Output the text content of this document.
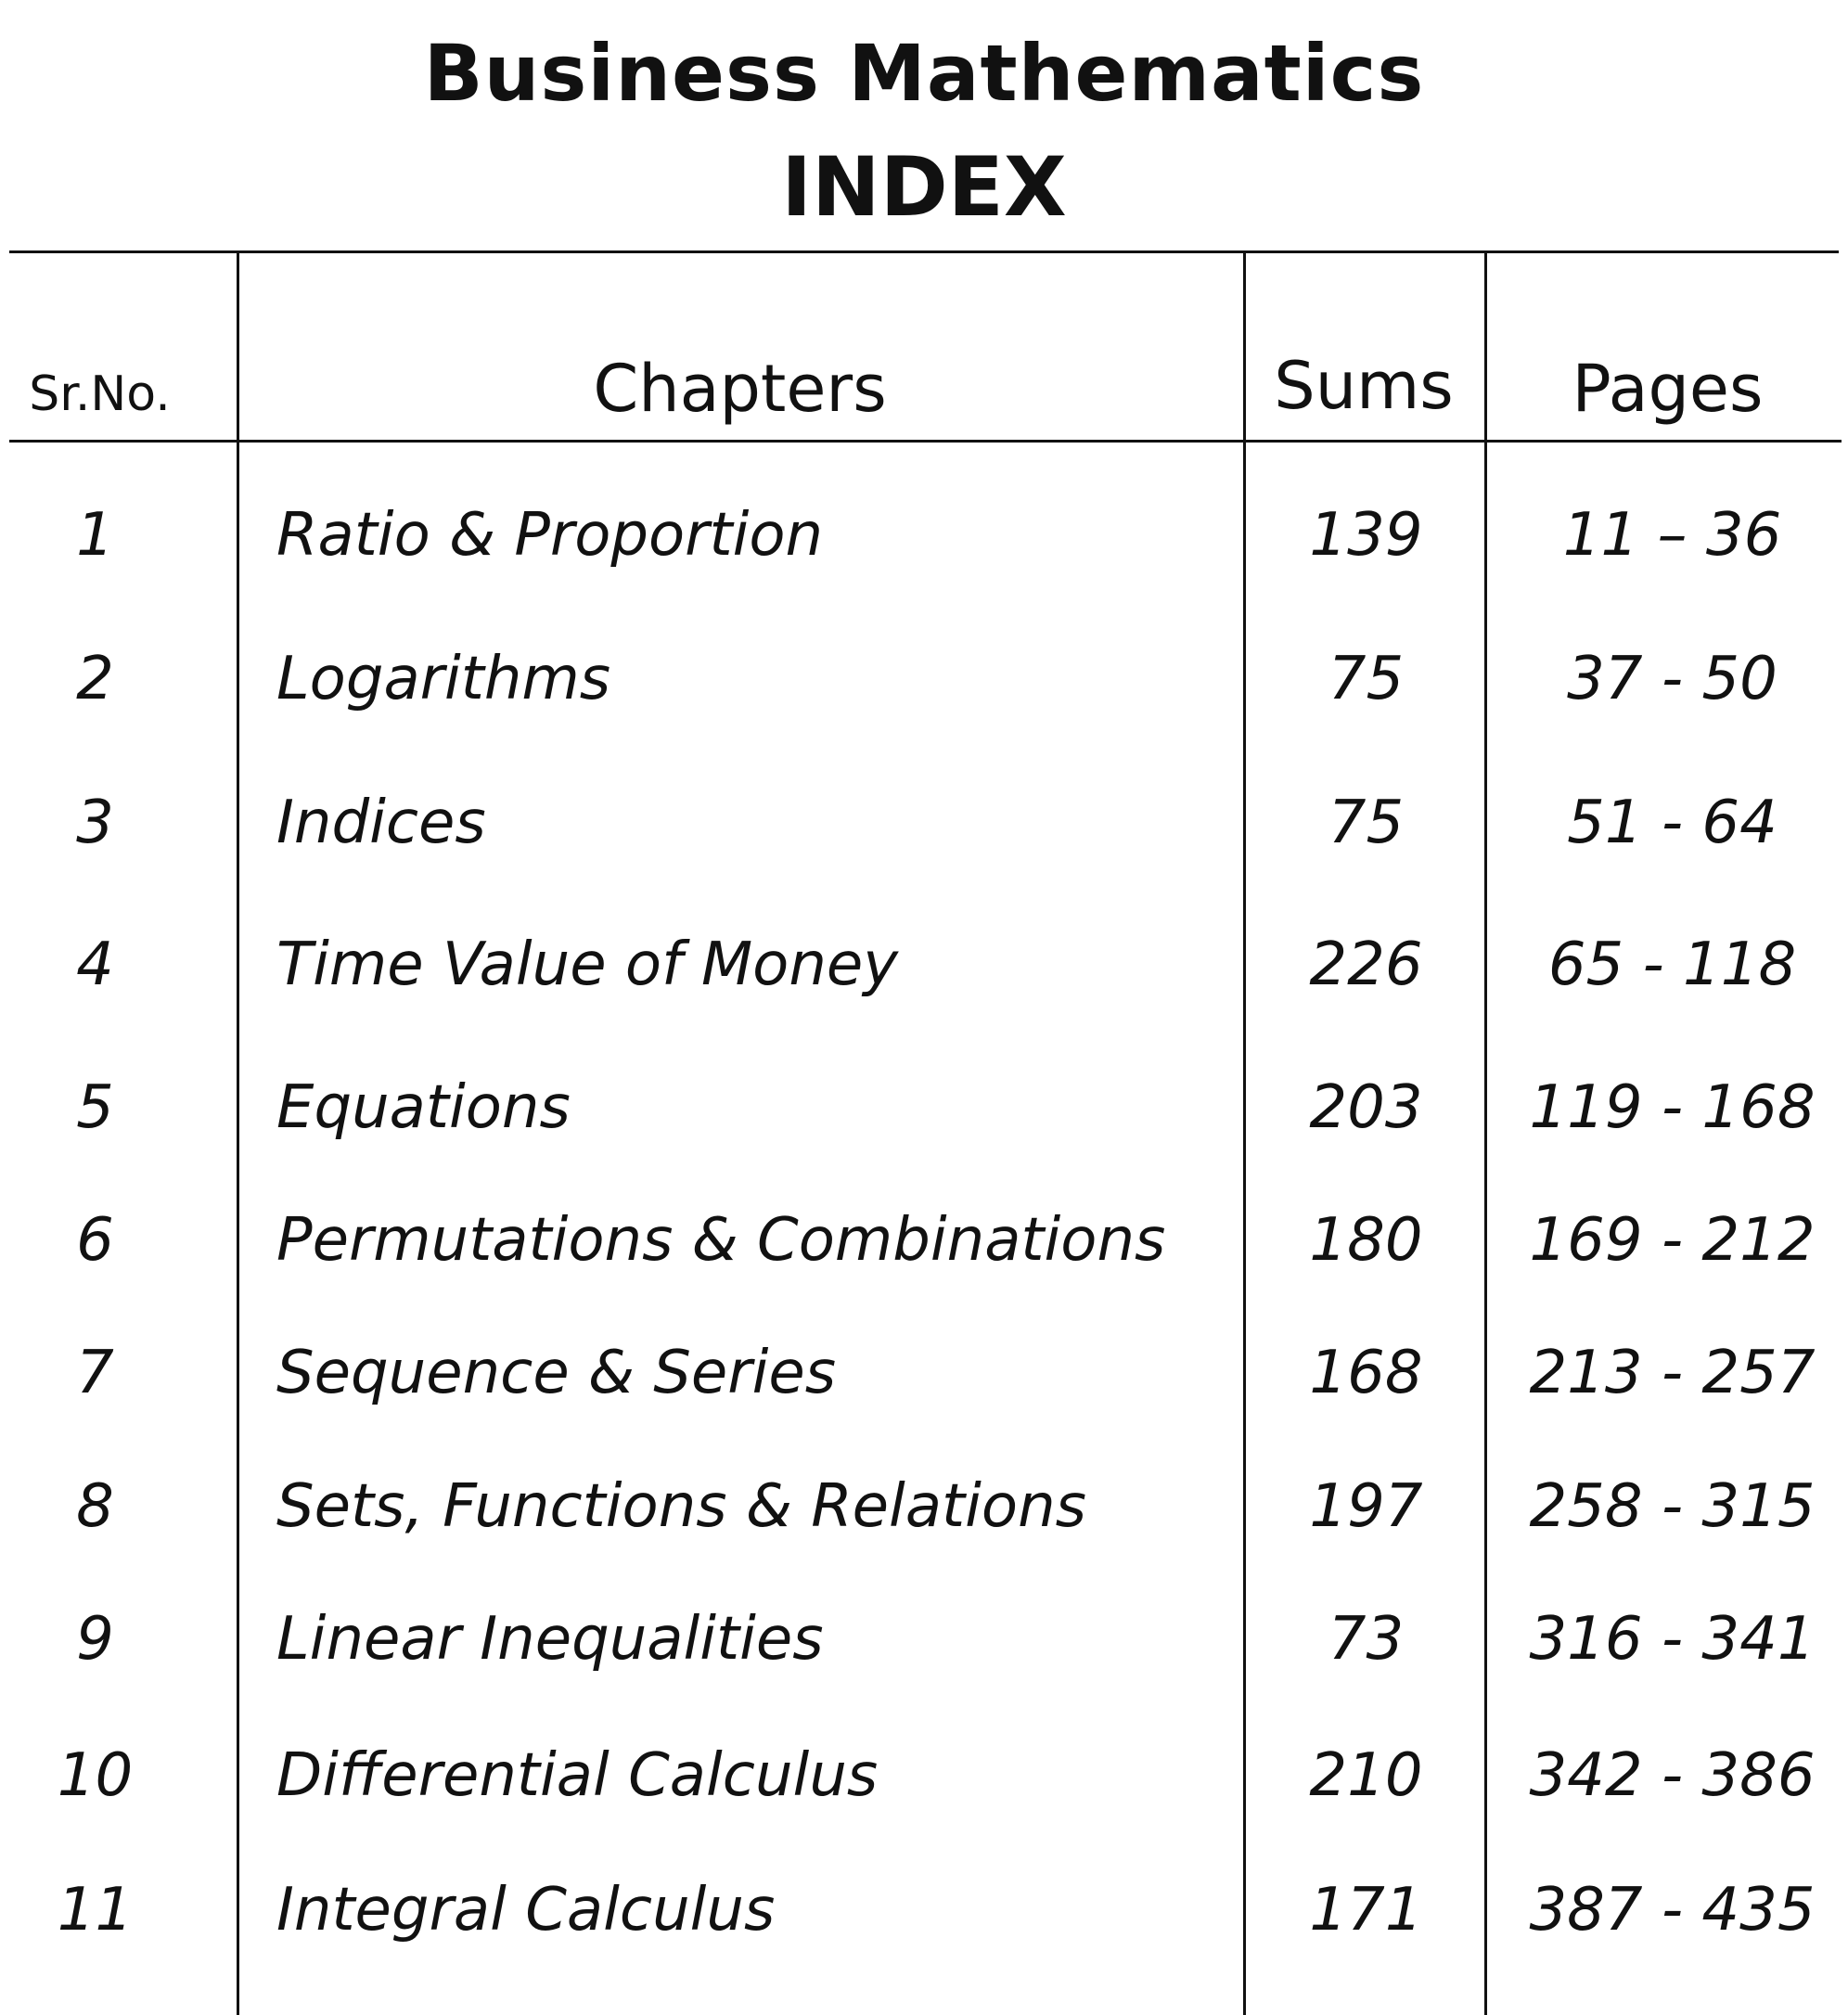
Business Mathematics
INDEX
Sr.No.	Chapters	Sums	Pages
1	Ratio & Proportion	139	11 – 36
2	Logarithms	75	37 - 50
3	Indices	75	51 - 64
4	Time Value of Money	226	65 - 118
5	Equations	203	119 - 168
6	Permutations & Combinations	180	169 - 212
7	Sequence & Series	168	213 - 257
8	Sets, Functions & Relations	197	258 - 315
9	Linear Inequalities	73	316 - 341
10	Differential Calculus	210	342 - 386
11	Integral Calculus	171	387 - 435
